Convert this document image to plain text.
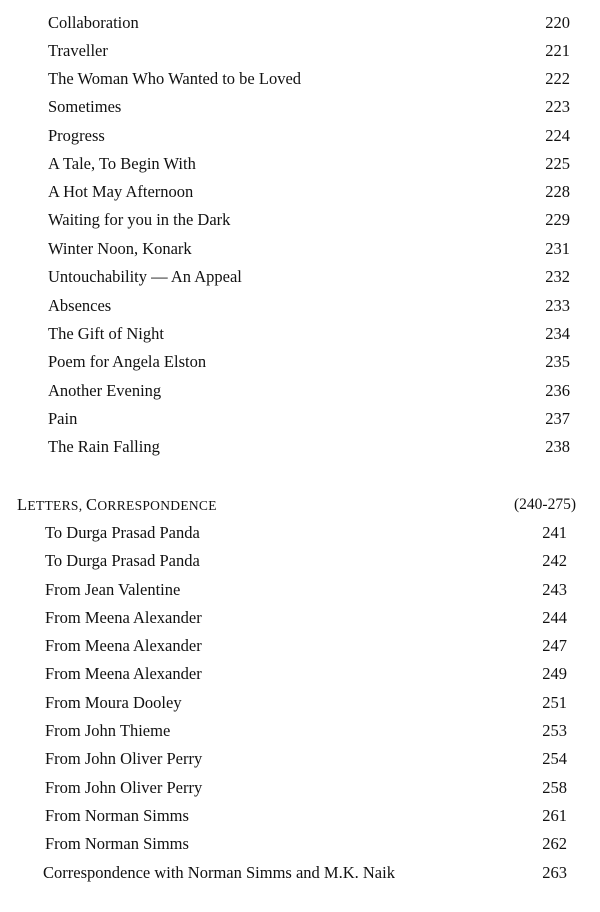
Collaboration	220
Traveller	221
The Woman Who Wanted to be Loved	222
Sometimes	223
Progress	224
A Tale, To Begin With	225
A Hot May Afternoon	228
Waiting for you in the Dark	229
Winter Noon, Konark	231
Untouchability — An Appeal	232
Absences	233
The Gift of Night	234
Poem for Angela Elston	235
Another Evening	236
Pain	237
The Rain Falling	238
LETTERS, CORRESPONDENCE	(240-275)
To Durga Prasad Panda	241
To Durga Prasad Panda	242
From Jean Valentine	243
From Meena Alexander	244
From Meena Alexander	247
From Meena Alexander	249
From Moura Dooley	251
From John Thieme	253
From John Oliver Perry	254
From John Oliver Perry	258
From Norman Simms	261
From Norman Simms	262
Correspondence with Norman Simms and M.K. Naik	263
